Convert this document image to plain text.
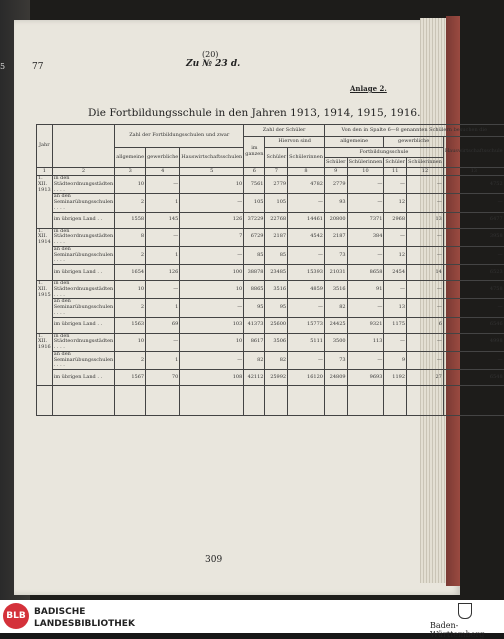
5	77
(20)
Zu № 23 d.
Anlage 2.
Die Fortbildungsschule in den Jahren 1913, 1914, 1915, 1916.
Jahr		Zahl der Fortbildungsschulen und zwar			Zahl der Schüler			Von den in Spalte 6—8 genannten Schülern besuchen die				
					im ganzen	Hiervon sind		allgemeine		gewerbliche		Hauswirtschaftsschule
		allgemeine	gewerbliche	Hauswirtschaftsschulen		Schüler	Schülerinnen	Fortbildungsschule				
								Schüler	Schülerinnen	Schüler	Schülerinnen	
1	2	3	4	5	6	7	8	9	10	11	12	13
1. XII. 1913	in den Städteordnungsstädten . . . .	10	—	10	7561	2779	4782	2779	—	—	—	4752
	an den Seminarübungsschulen . . . .	2	1	—	105	105	—	93	—	12	—	—
	im übrigen Land . .	1558	145	126	37229	22768	14461	20800	7371	2968	13	6477
1. XII. 1914	in den Städteordnungsstädten . . . .	8	—	7	6729	2187	4542	2187	384	—	—	3958
	an den Seminarübungsschulen . . . .	2	1	—	85	85	—	73	—	12	—	—
	im übrigen Land . .	1654	126	100	38878	23485	15393	21031	8658	2454	14	6523
1. XII. 1915	in den Städteordnungsstädten . . . .	10	—	10	8865	3516	4859	3516	91	—	—	4758
	an den Seminarübungsschulen . . . .	2	1	—	95	95	—	82	—	13	—	—
	im übrigen Land . .	1563	69	103	41373	25600	15773	24425	9321	1175	6	6546
1. XII. 1916	in den Städteordnungsstädten . . . .	10	—	10	8617	3506	5111	3500	113	—	—	4998
	an den Seminarübungsschulen . . . .	2	1	—	82	82	—	73	—	9	—	—
	im übrigen Land . .	1567	70	108	42112	25992	16120	24809	9693	1192	27	6548

309
BLB BADISCHE
LANDESBIBLIOTHEK	Baden-Württemberg
